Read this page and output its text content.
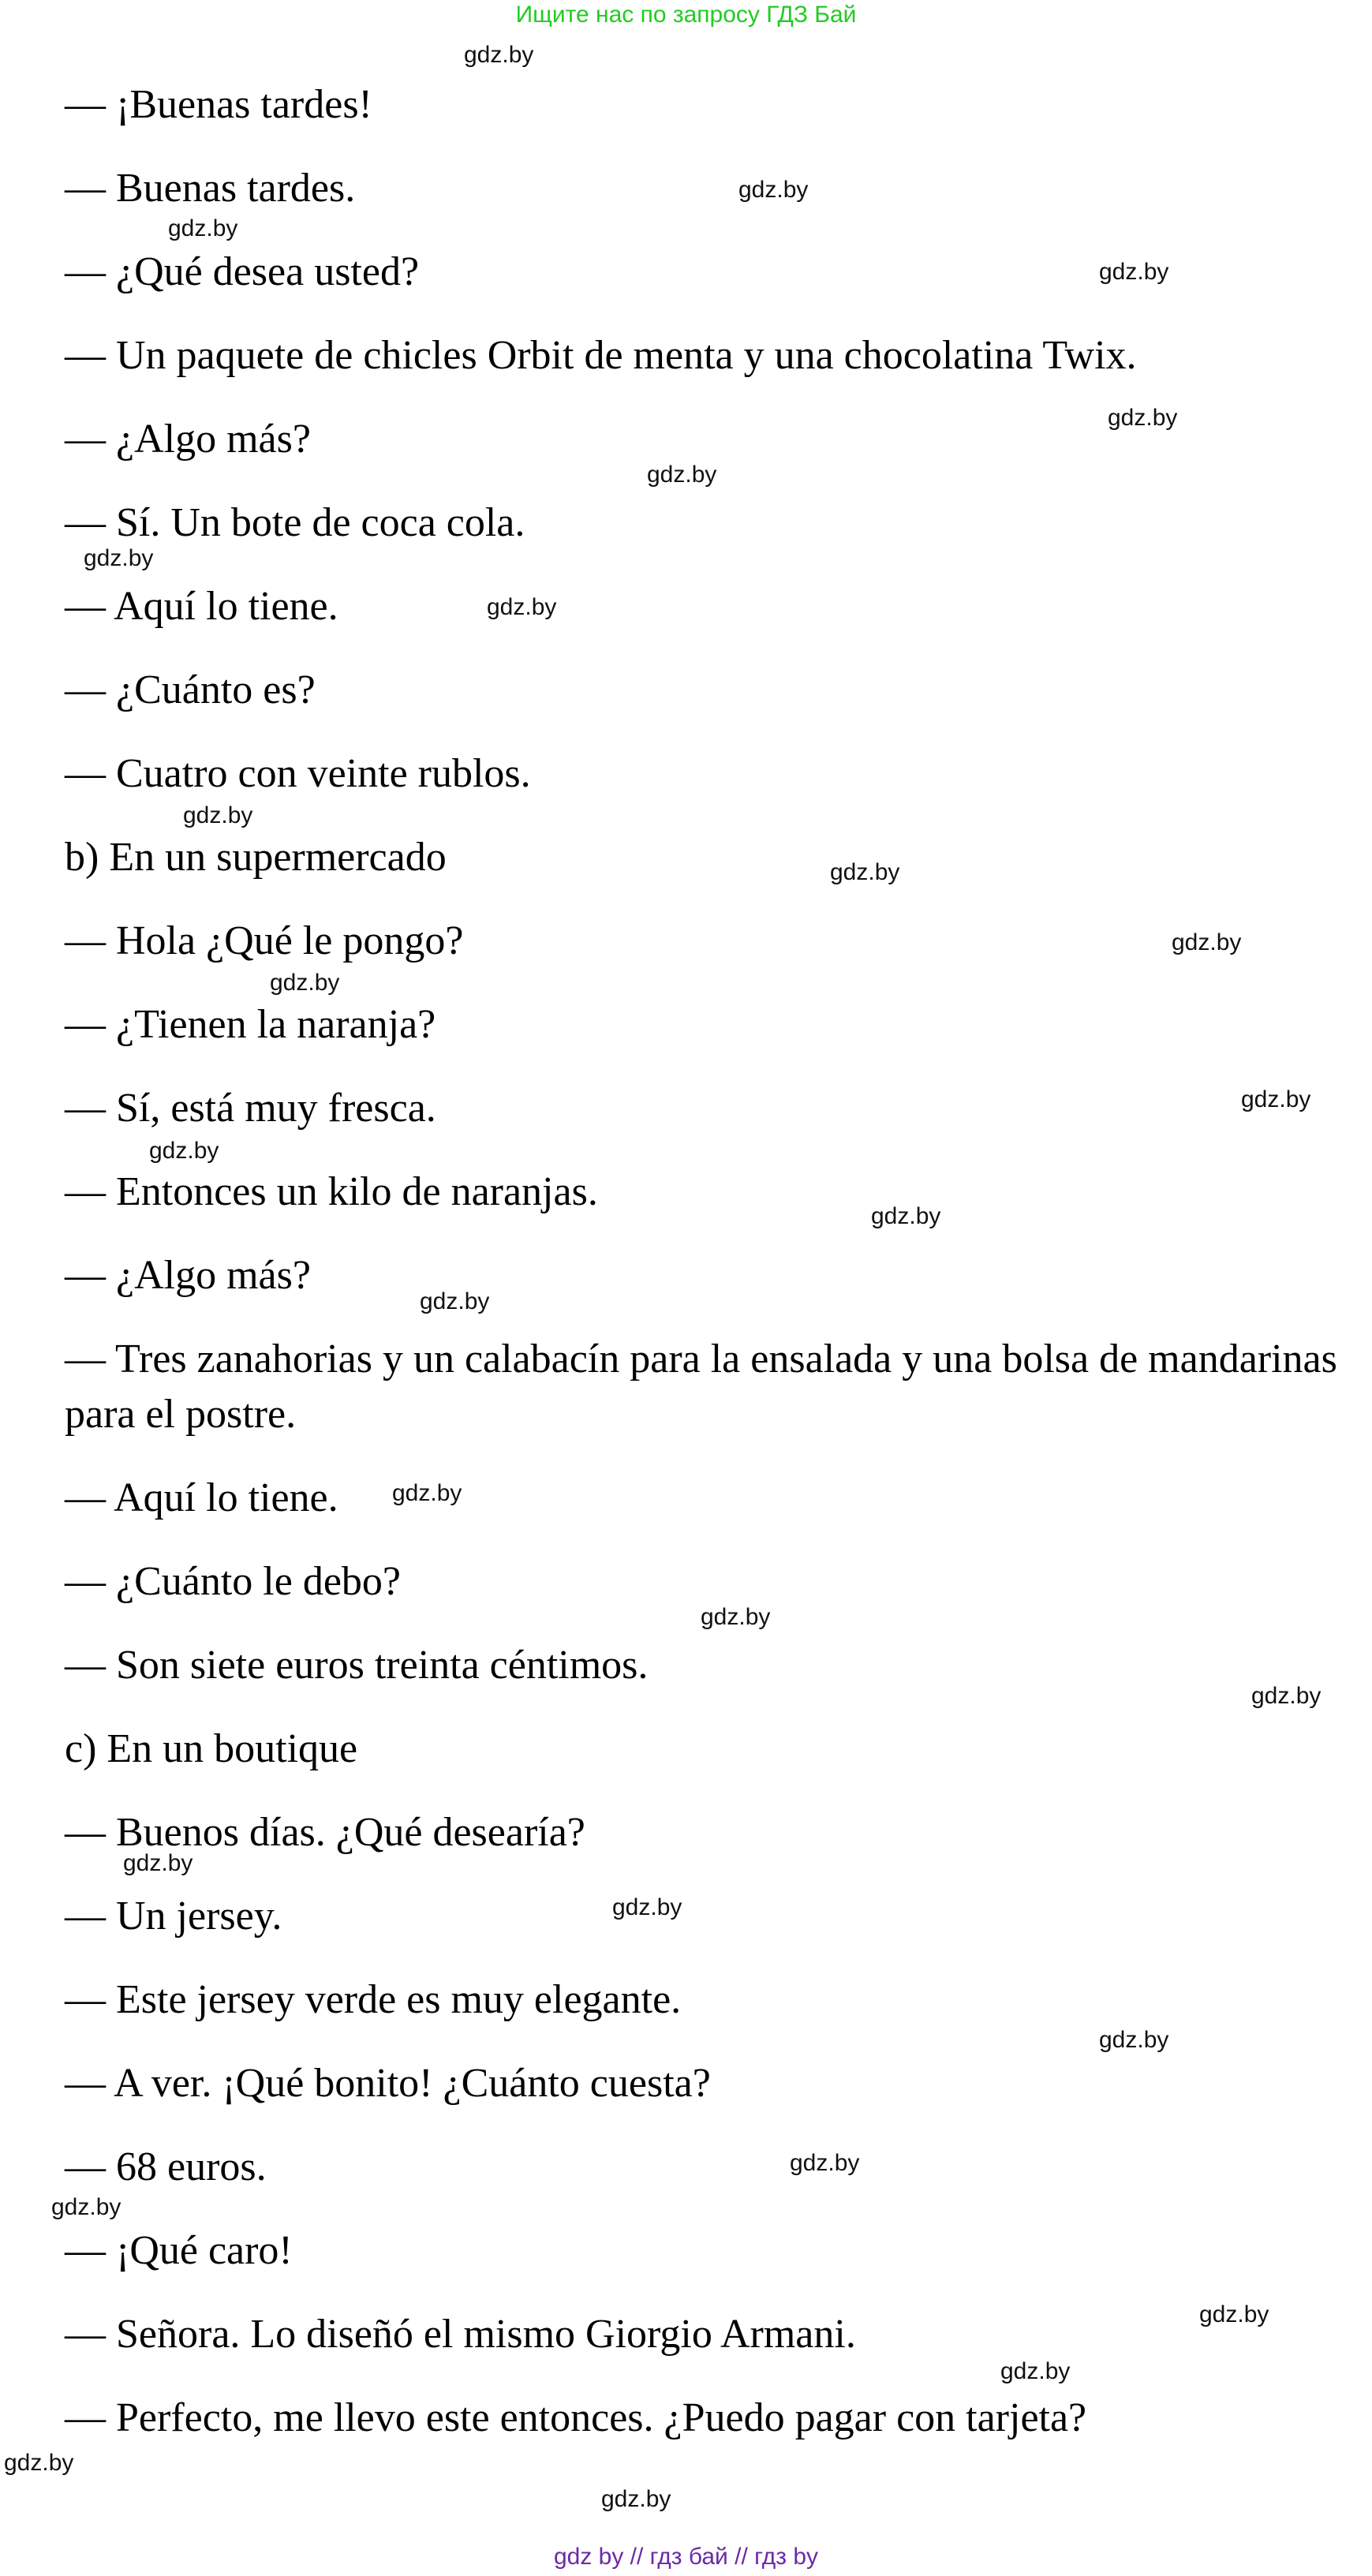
Ищите нас по запросу ГДЗ Бай
— ¡Buenas tardes!
— Buenas tardes.
— ¿Qué desea usted?
— Un paquete de chicles Orbit de menta y una chocolatina Twix.
— ¿Algo más?
— Sí. Un bote de coca cola.
— Aquí lo tiene.
— ¿Cuánto es?
— Cuatro con veinte rublos.
b) En un supermercado
— Hola ¿Qué le pongo?
— ¿Tienen la naranja?
— Sí, está muy fresca.
— Entonces un kilo de naranjas.
— ¿Algo más?
— Tres zanahorias y un calabacín para la ensalada y una bolsa de mandarinas para el postre.
— Aquí lo tiene.
— ¿Cuánto le debo?
— Son siete euros treinta céntimos.
c) En un boutique
— Buenos días. ¿Qué desearía?
— Un jersey.
— Este jersey verde es muy elegante.
— A ver. ¡Qué bonito! ¿Cuánto cuesta?
— 68 euros.
— ¡Qué caro!
— Señora. Lo diseñó el mismo Giorgio Armani.
— Perfecto, me llevo este entonces. ¿Puedo pagar con tarjeta?
gdz.by
gdz.by
gdz.by
gdz.by
gdz.by
gdz.by
gdz.by
gdz.by
gdz.by
gdz.by
gdz.by
gdz.by
gdz.by
gdz.by
gdz.by
gdz.by
gdz.by
gdz.by
gdz.by
gdz.by
gdz.by
gdz.by
gdz.by
gdz.by
gdz.by
gdz.by
gdz.by
gdz.by
gdz by // гдз бай // гдз by
